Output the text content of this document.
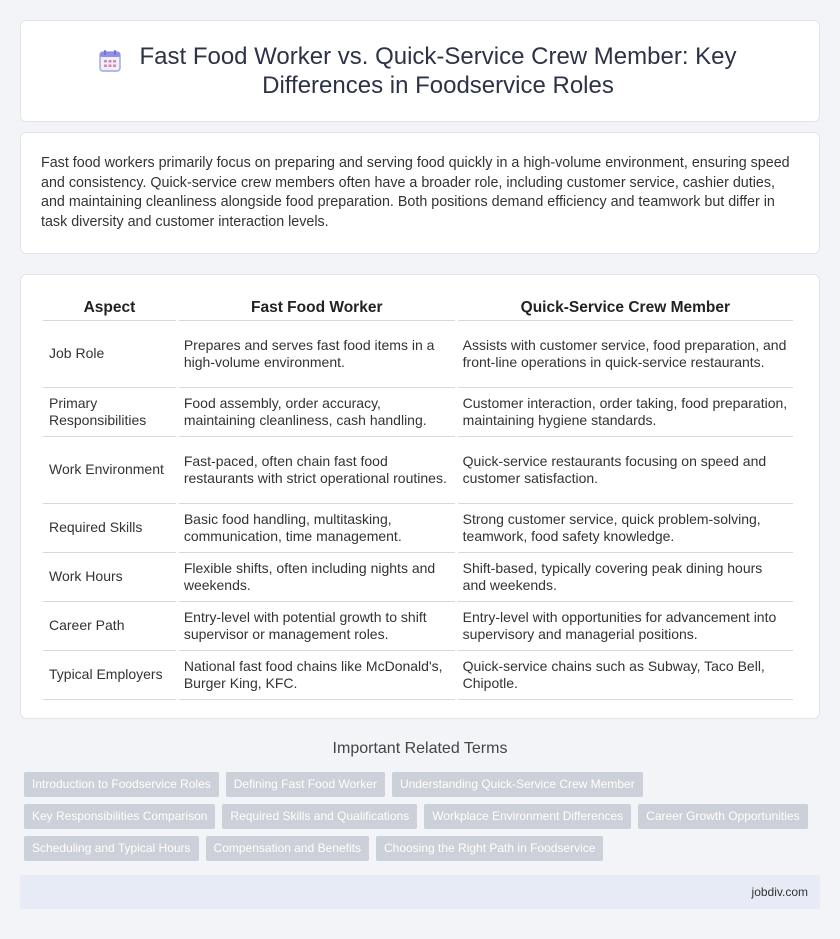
Fast Food Worker vs. Quick-Service Crew Member: Key Differences in Foodservice Roles

Fast food workers primarily focus on preparing and serving food quickly in a high-volume environment, ensuring speed and consistency. Quick-service crew members often have a broader role, including customer service, cashier duties, and maintaining cleanliness alongside food preparation. Both positions demand efficiency and teamwork but differ in task diversity and customer interaction levels.

Aspect	Fast Food Worker	Quick-Service Crew Member
Job Role	Prepares and serves fast food items in a high-volume environment.	Assists with customer service, food preparation, and front-line operations in quick-service restaurants.
Primary Responsibilities	Food assembly, order accuracy, maintaining cleanliness, cash handling.	Customer interaction, order taking, food preparation, maintaining hygiene standards.
Work Environment	Fast-paced, often chain fast food restaurants with strict operational routines.	Quick-service restaurants focusing on speed and customer satisfaction.
Required Skills	Basic food handling, multitasking, communication, time management.	Strong customer service, quick problem-solving, teamwork, food safety knowledge.
Work Hours	Flexible shifts, often including nights and weekends.	Shift-based, typically covering peak dining hours and weekends.
Career Path	Entry-level with potential growth to shift supervisor or management roles.	Entry-level with opportunities for advancement into supervisory and managerial positions.
Typical Employers	National fast food chains like McDonald's, Burger King, KFC.	Quick-service chains such as Subway, Taco Bell, Chipotle.
Important Related Terms
Introduction to Foodservice Roles	Defining Fast Food Worker	Understanding Quick-Service Crew Member
Key Responsibilities Comparison	Required Skills and Qualifications	Workplace Environment Differences	Career Growth Opportunities
Scheduling and Typical Hours	Compensation and Benefits	Choosing the Right Path in Foodservice
jobdiv.com
